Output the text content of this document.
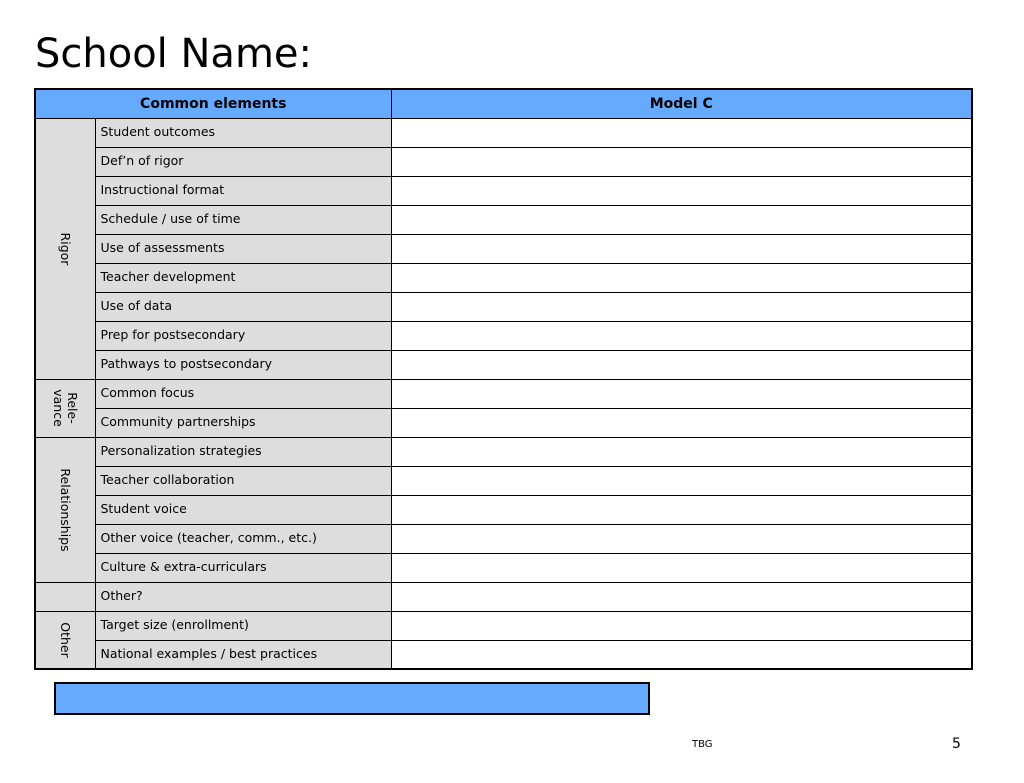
School Name:
Common elements		Model C

Rigor	Student outcomes	
	Def’n of rigor	
	Instructional format	
	Schedule / use of time	
	Use of assessments	
	Teacher development	
	Use of data	
	Prep for postsecondary	
	Pathways to postsecondary	

Rele-
vance	Common focus	
	Community partnerships	

Relationships	Personalization strategies	
	Teacher collaboration	
	Student voice	
	Other voice (teacher, comm., etc.)	
	Culture & extra-curriculars	
	Other?	

Other	Target size (enrollment)	
	National examples / best practices	
TBG	5
